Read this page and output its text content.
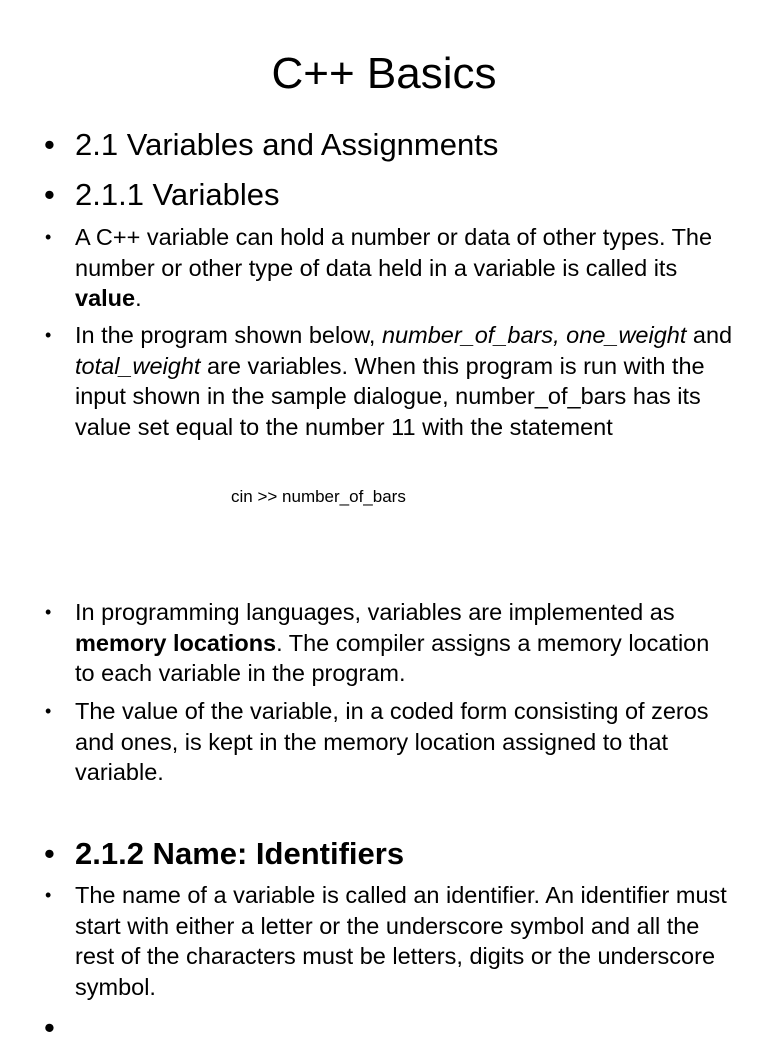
C++ Basics
• 2.1 Variables and Assignments
• 2.1.1 Variables
• A C++ variable can hold a number or data of other types. The number or other type of data held in a variable is called its value.
• In the program shown below, number_of_bars, one_weight and total_weight are variables. When this program is run with the input shown in the sample dialogue, number_of_bars has its value set equal to the number 11 with the statement
cin >> number_of_bars
• In programming languages, variables are implemented as memory locations. The compiler assigns a memory location to each variable in the program.
• The value of the variable, in a coded form consisting of zeros and ones, is kept in the memory location assigned to that variable.
• 2.1.2 Name: Identifiers
• The name of a variable is called an identifier. An identifier must start with either a letter or the underscore symbol and all the rest of the characters must be letters, digits or the underscore symbol.
•
